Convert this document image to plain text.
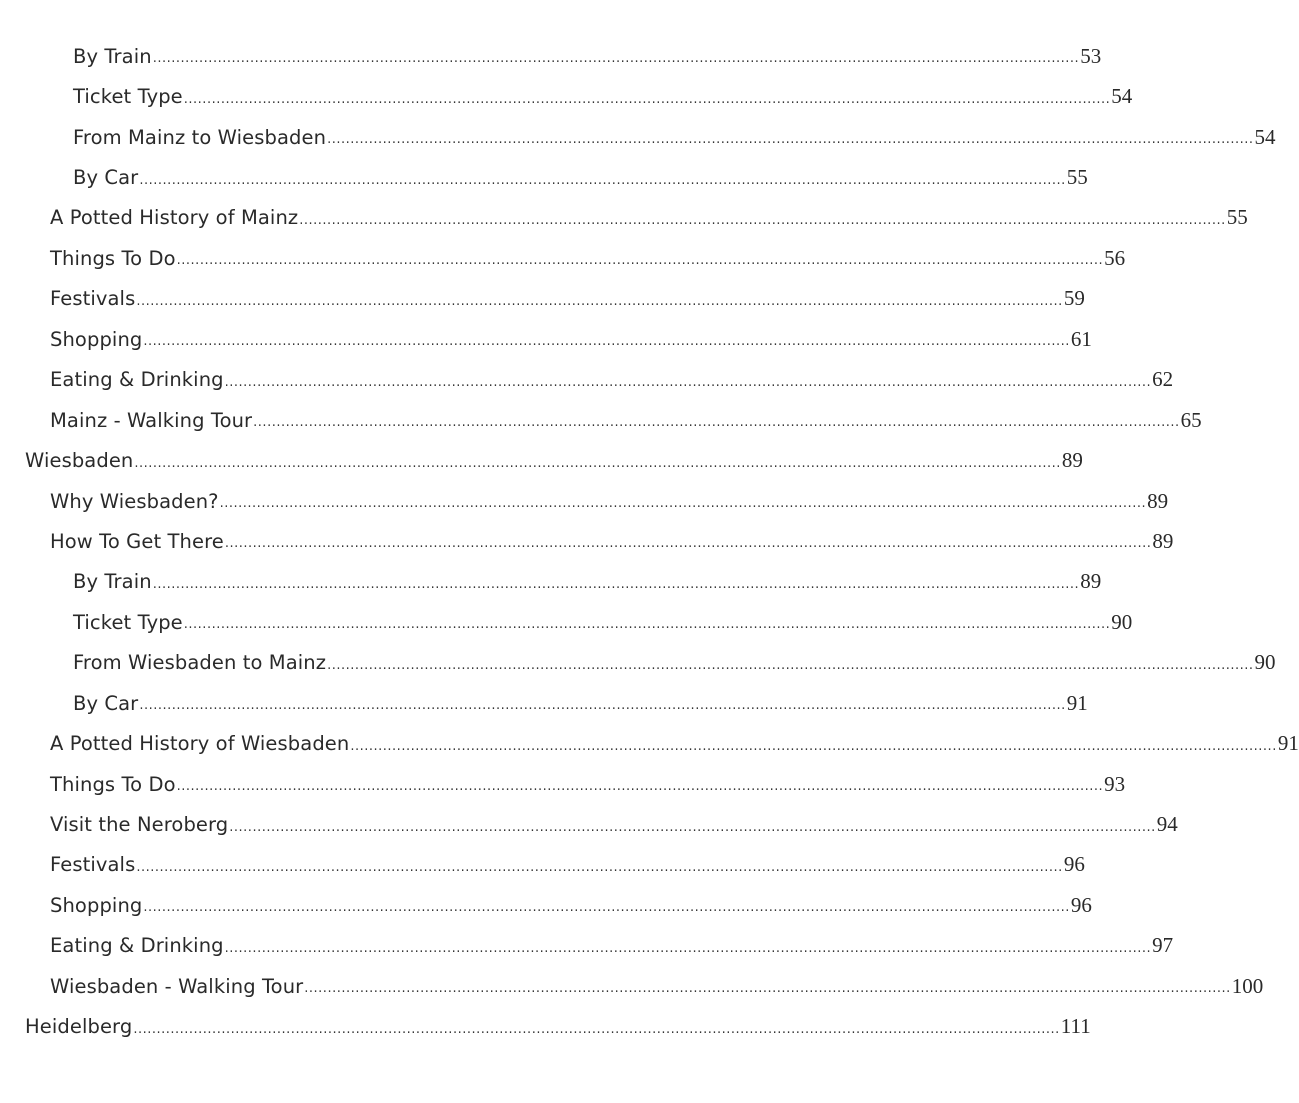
By Train ........................................................................................................................................................................................................ 53
Ticket Type ........................................................................................................................................................................................................ 54
From Mainz to Wiesbaden ........................................................................................................................................................................................................ 54
By Car ........................................................................................................................................................................................................ 55
A Potted History of Mainz ........................................................................................................................................................................................................ 55
Things To Do ........................................................................................................................................................................................................ 56
Festivals ........................................................................................................................................................................................................ 59
Shopping ........................................................................................................................................................................................................ 61
Eating & Drinking ........................................................................................................................................................................................................ 62
Mainz - Walking Tour ........................................................................................................................................................................................................ 65
Wiesbaden ........................................................................................................................................................................................................ 89
Why Wiesbaden? ........................................................................................................................................................................................................ 89
How To Get There ........................................................................................................................................................................................................ 89
By Train ........................................................................................................................................................................................................ 89
Ticket Type ........................................................................................................................................................................................................ 90
From Wiesbaden to Mainz ........................................................................................................................................................................................................ 90
By Car ........................................................................................................................................................................................................ 91
A Potted History of Wiesbaden ........................................................................................................................................................................................................ 91
Things To Do ........................................................................................................................................................................................................ 93
Visit the Neroberg ........................................................................................................................................................................................................ 94
Festivals ........................................................................................................................................................................................................ 96
Shopping ........................................................................................................................................................................................................ 96
Eating & Drinking ........................................................................................................................................................................................................ 97
Wiesbaden - Walking Tour ........................................................................................................................................................................................................ 100
Heidelberg ........................................................................................................................................................................................................ 111
